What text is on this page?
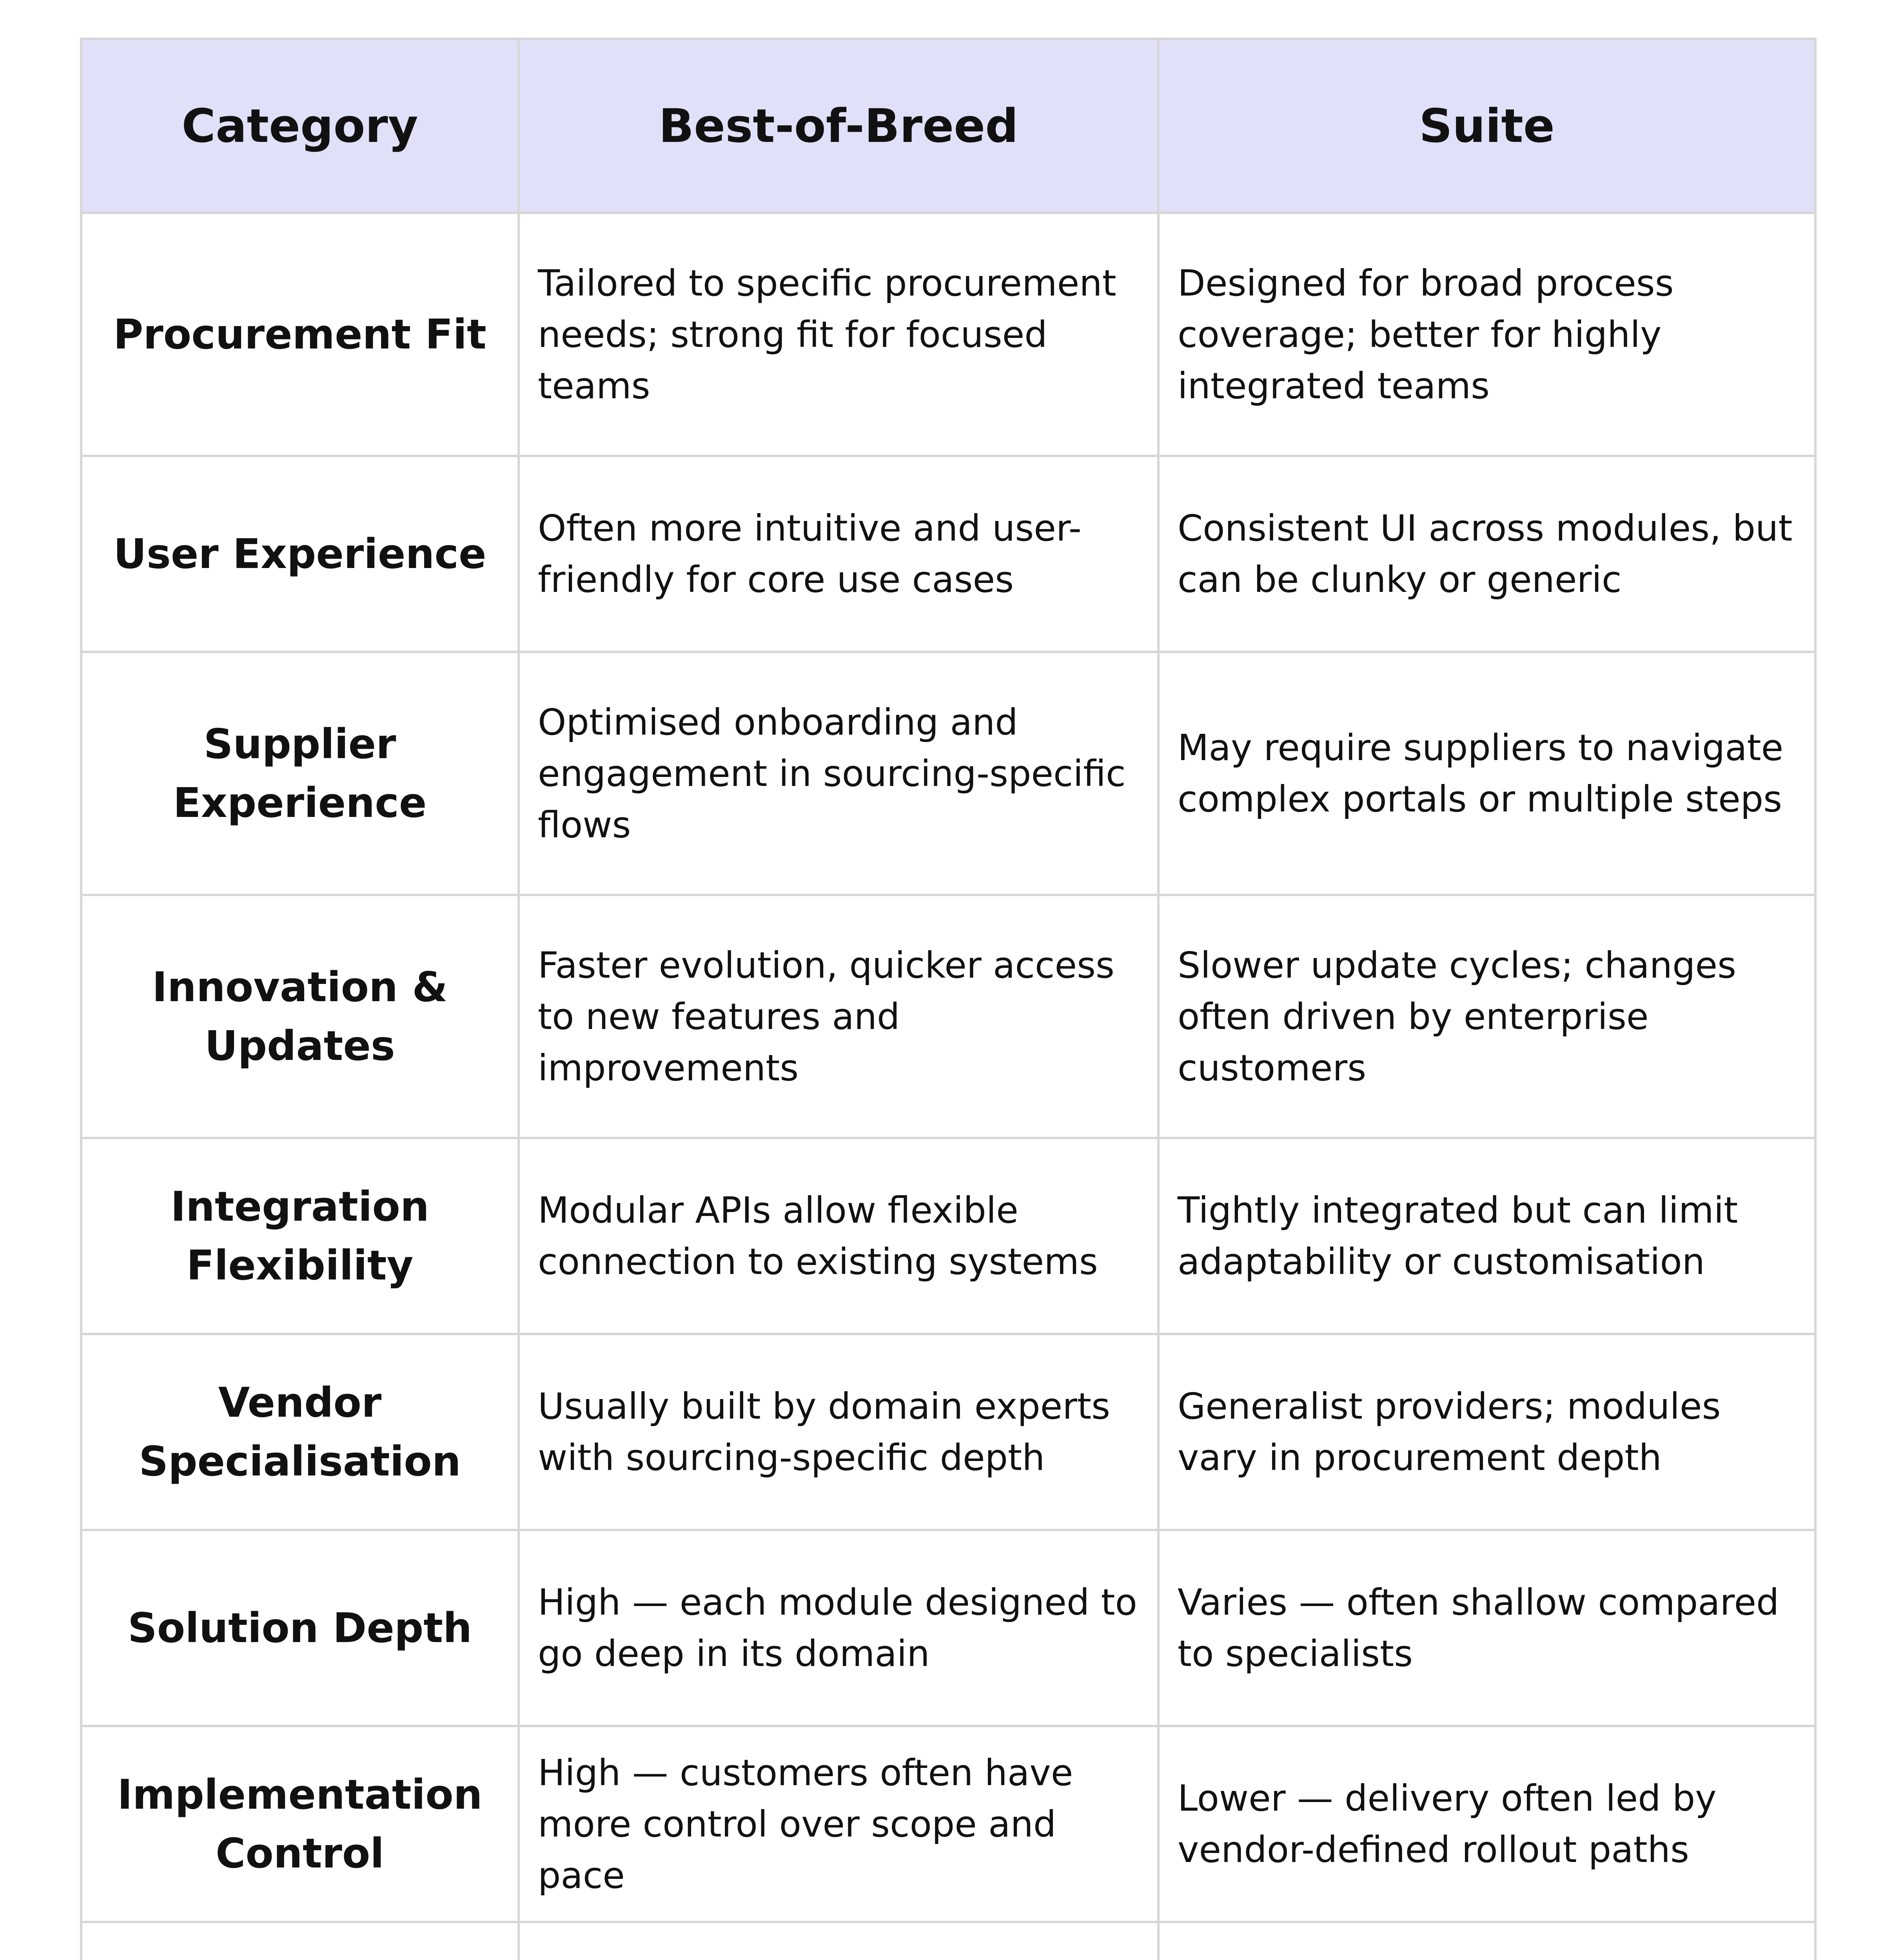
Category	Best-of-Breed	Suite
Procurement Fit	Tailored to specific procurement needs; strong fit for focused teams	Designed for broad process coverage; better for highly integrated teams
User Experience	Often more intuitive and user-friendly for core use cases	Consistent UI across modules, but can be clunky or generic
Supplier Experience	Optimised onboarding and engagement in sourcing-specific flows	May require suppliers to navigate complex portals or multiple steps
Innovation & Updates	Faster evolution, quicker access to new features and improvements	Slower update cycles; changes often driven by enterprise customers
Integration Flexibility	Modular APIs allow flexible connection to existing systems	Tightly integrated but can limit adaptability or customisation
Vendor Specialisation	Usually built by domain experts with sourcing-specific depth	Generalist providers; modules vary in procurement depth
Solution Depth	High — each module designed to go deep in its domain	Varies — often shallow compared to specialists
Implementation Control	High — customers often have more control over scope and pace	Lower — delivery often led by vendor-defined rollout paths
